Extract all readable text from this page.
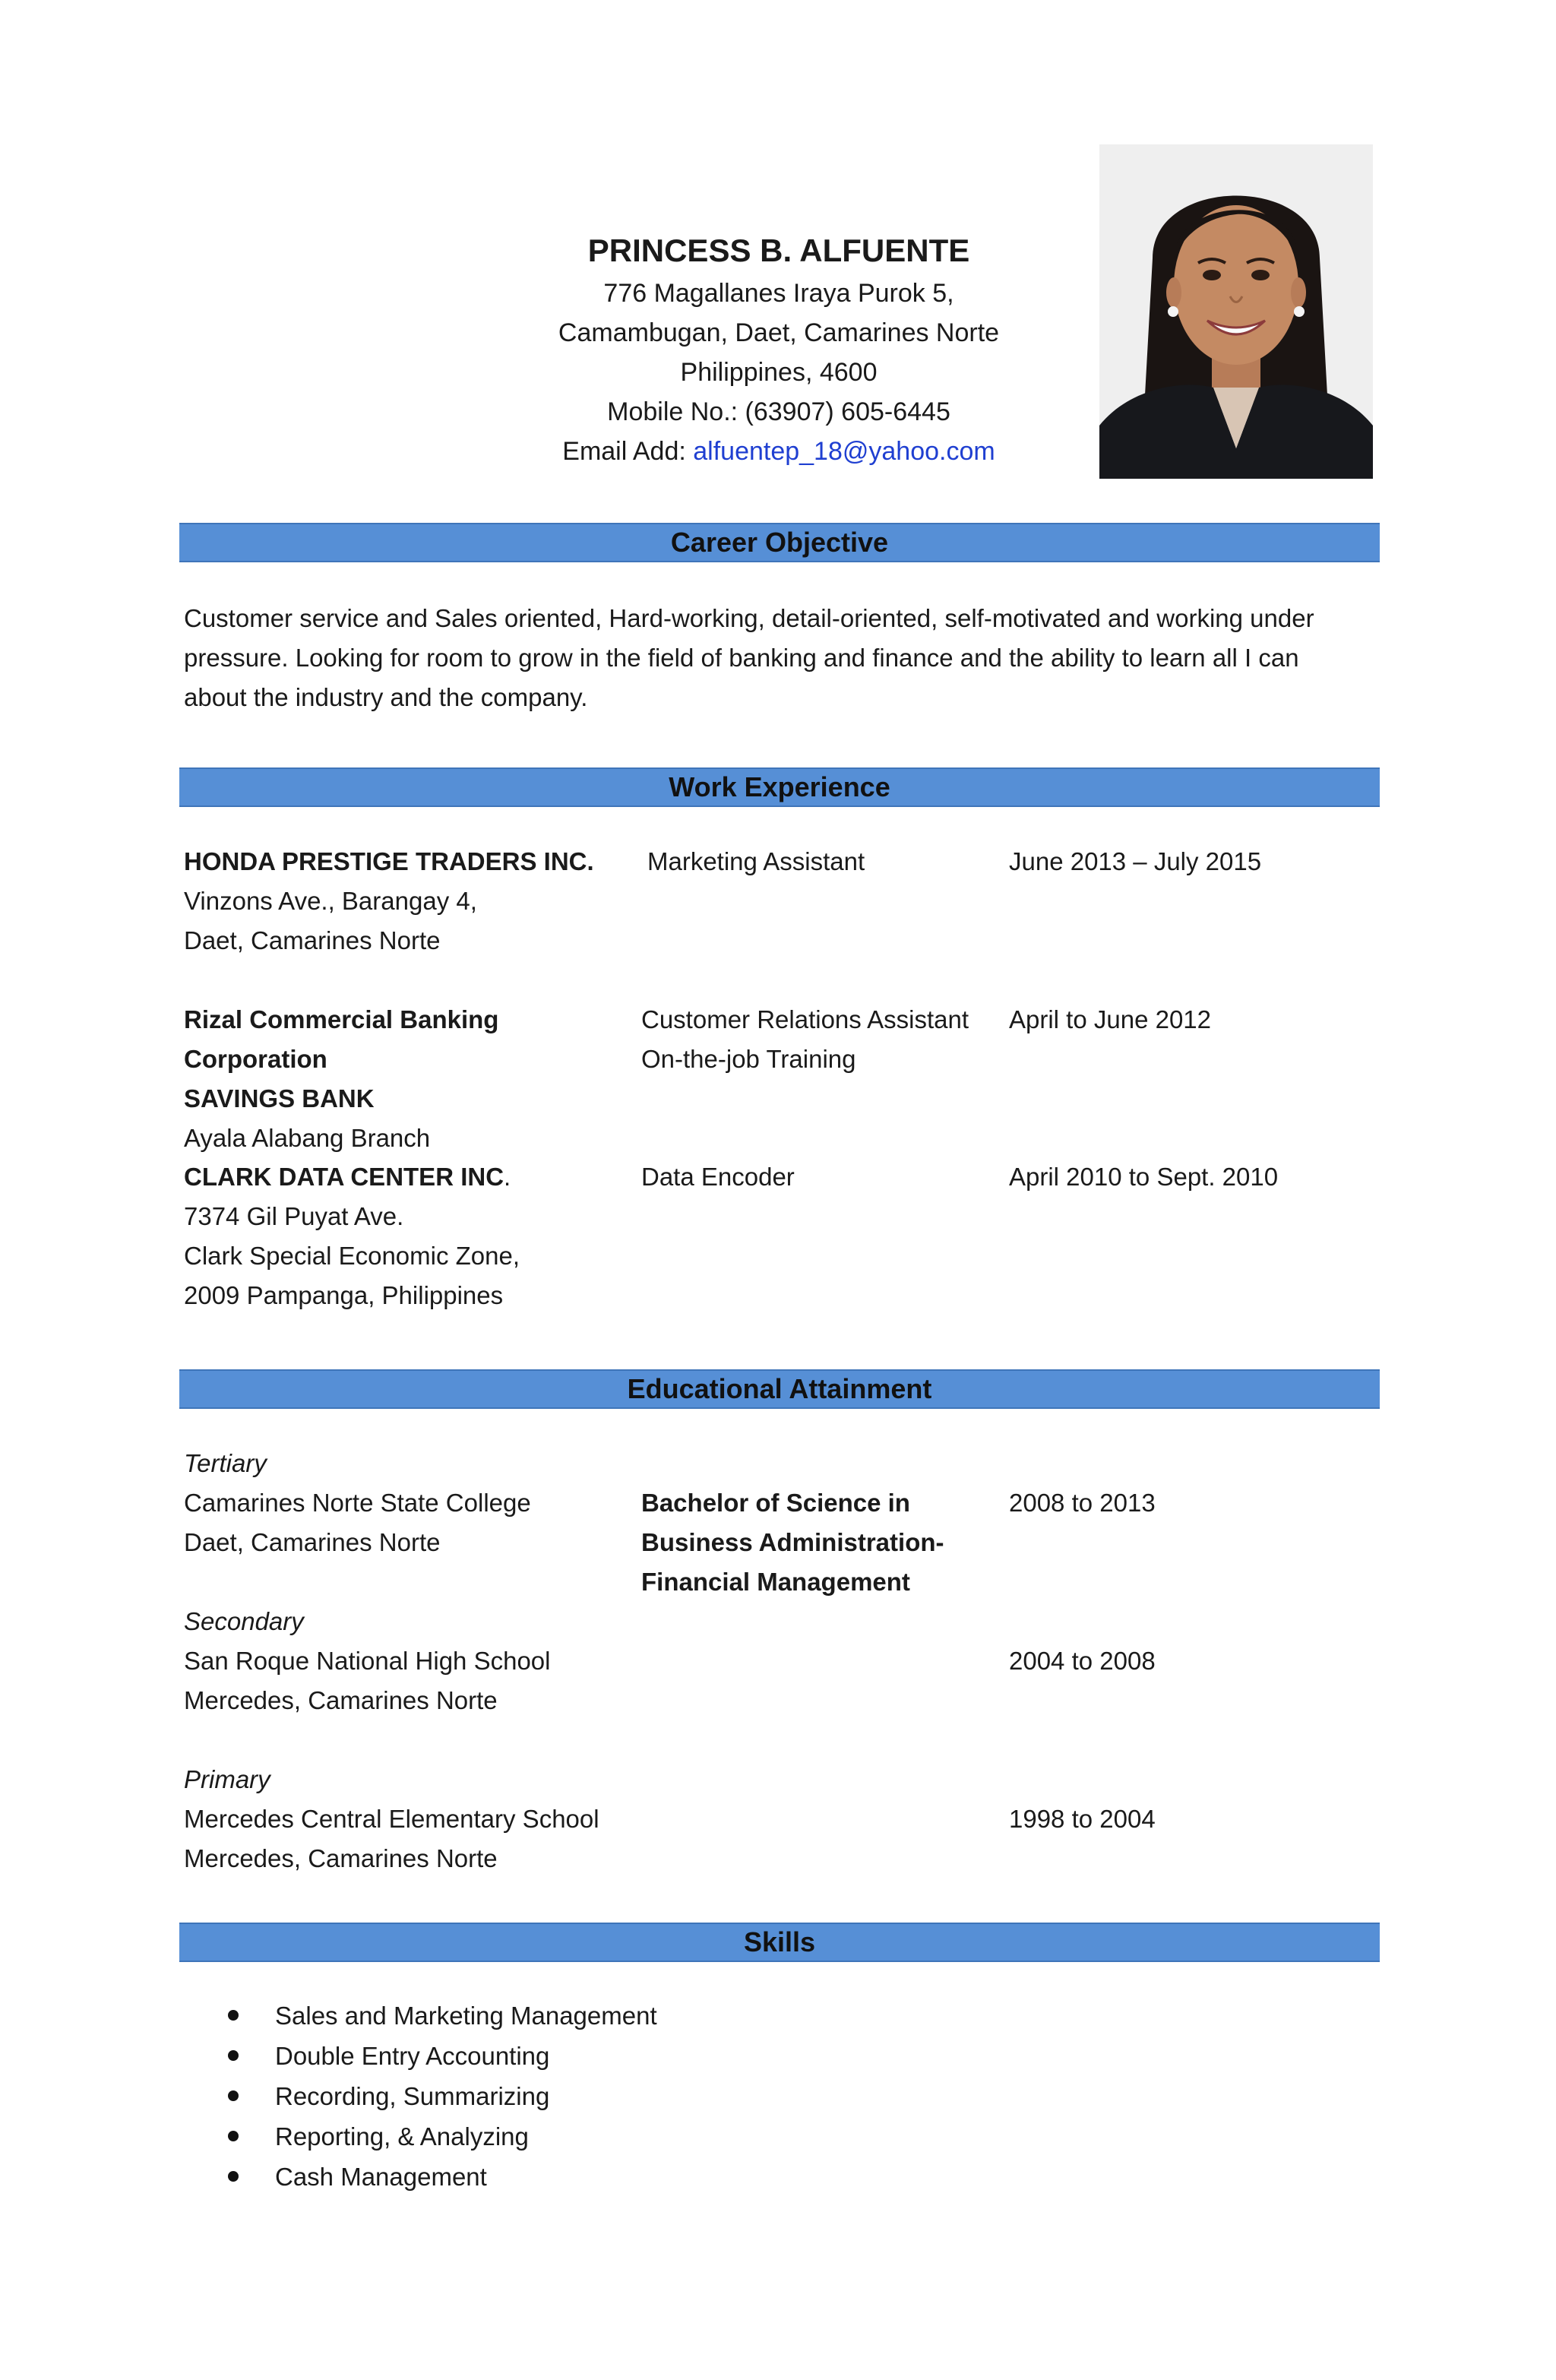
PRINCESS B. ALFUENTE
776 Magallanes Iraya Purok 5,
Camambugan, Daet, Camarines Norte
Philippines, 4600
Mobile No.: (63907) 605-6445
Email Add: alfuentep_18@yahoo.com
Career Objective
Customer service and Sales oriented, Hard-working, detail-oriented, self-motivated and working under
pressure. Looking for room to grow in the field of banking and finance and the ability to learn all I can
about the industry and the company.
Work Experience
HONDA PRESTIGE TRADERS INC.
Vinzons Ave., Barangay 4,
Daet, Camarines Norte
Marketing Assistant	June 2013 – July 2015
Rizal Commercial Banking Corporation
SAVINGS BANK
Ayala Alabang Branch
Customer Relations Assistant
On-the-job Training
April to June 2012
CLARK DATA CENTER INC.
7374 Gil Puyat Ave.
Clark Special Economic Zone,
2009 Pampanga, Philippines
Data Encoder	April 2010 to Sept. 2010
Educational Attainment
Tertiary
Camarines Norte State College
Daet, Camarines Norte
Bachelor of Science in
Business Administration-
Financial Management
2008 to 2013
Secondary
San Roque National High School
Mercedes, Camarines Norte
2004 to 2008
Primary
Mercedes Central Elementary School
Mercedes, Camarines Norte
1998 to 2004
Skills
Sales and Marketing Management
Double Entry Accounting
Recording, Summarizing
Reporting, & Analyzing
Cash Management
